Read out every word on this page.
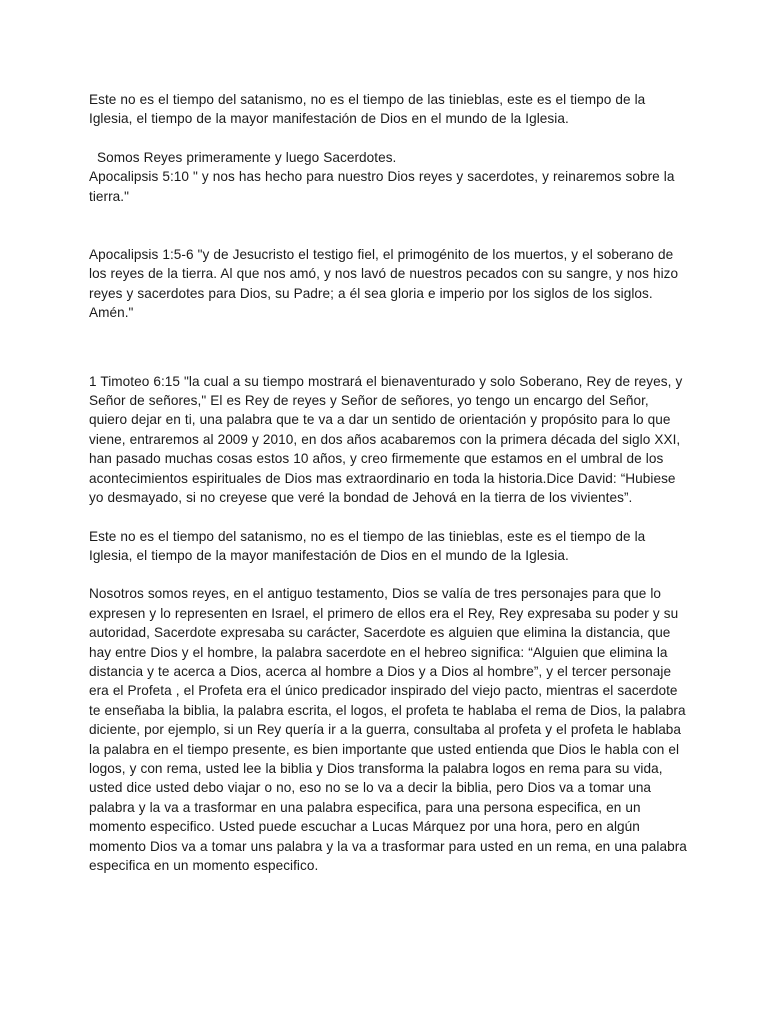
Este no es el tiempo del satanismo, no es el tiempo de las tinieblas, este es el tiempo de la Iglesia, el tiempo de la mayor manifestación de Dios en el mundo de la Iglesia.

Somos Reyes primeramente y luego Sacerdotes.

Apocalipsis 5:10 " y nos has hecho para nuestro Dios reyes y sacerdotes, y reinaremos sobre la tierra."

Apocalipsis 1:5-6 "y de Jesucristo el testigo fiel, el primogénito de los muertos, y el soberano de los reyes de la tierra. Al que nos amó, y nos lavó de nuestros pecados con su sangre, y nos hizo reyes y sacerdotes para Dios, su Padre; a él sea gloria e imperio por los siglos de los siglos. Amén."

1 Timoteo 6:15 "la cual a su tiempo mostrará el bienaventurado y solo Soberano, Rey de reyes, y Señor de señores," El es Rey de reyes y Señor de señores, yo tengo un encargo del Señor, quiero dejar en ti, una palabra que te va a dar un sentido de orientación y propósito para lo que viene, entraremos al 2009 y 2010, en dos años acabaremos con la primera década del siglo XXI, han pasado muchas cosas estos 10 años, y creo firmemente que estamos en el umbral de los acontecimientos espirituales de Dios mas extraordinario en toda la historia.Dice David: “Hubiese yo desmayado, si no creyese que veré la bondad de Jehová en la tierra de los vivientes”.

Este no es el tiempo del satanismo, no es el tiempo de las tinieblas, este es el tiempo de la Iglesia, el tiempo de la mayor manifestación de Dios en el mundo de la Iglesia.

Nosotros somos reyes, en el antiguo testamento, Dios se valía de tres personajes para que lo expresen y lo representen en Israel, el primero de ellos era el Rey, Rey expresaba su poder y su autoridad, Sacerdote expresaba su carácter, Sacerdote es alguien que elimina la distancia, que hay entre Dios y el hombre, la palabra sacerdote en el hebreo significa: “Alguien que elimina la distancia y te acerca a Dios, acerca al hombre a Dios y a Dios al hombre”, y el tercer personaje era el Profeta , el Profeta era el único predicador inspirado del viejo pacto, mientras el sacerdote te enseñaba la biblia, la palabra escrita, el logos, el profeta te hablaba el rema de Dios, la palabra diciente, por ejemplo, si un Rey quería ir a la guerra, consultaba al profeta y el profeta le hablaba la palabra en el tiempo presente, es bien importante que usted entienda que Dios le habla con el logos, y con rema, usted lee la biblia y Dios transforma la palabra logos en rema para su vida, usted dice usted debo viajar o no, eso no se lo va a decir la biblia, pero Dios va a tomar una palabra y la va a trasformar en una palabra especifica, para una persona especifica, en un momento especifico. Usted puede escuchar a Lucas Márquez por una hora, pero en algún momento Dios va a tomar uns palabra y la va a trasformar para usted en un rema, en una palabra especifica en un momento especifico.
